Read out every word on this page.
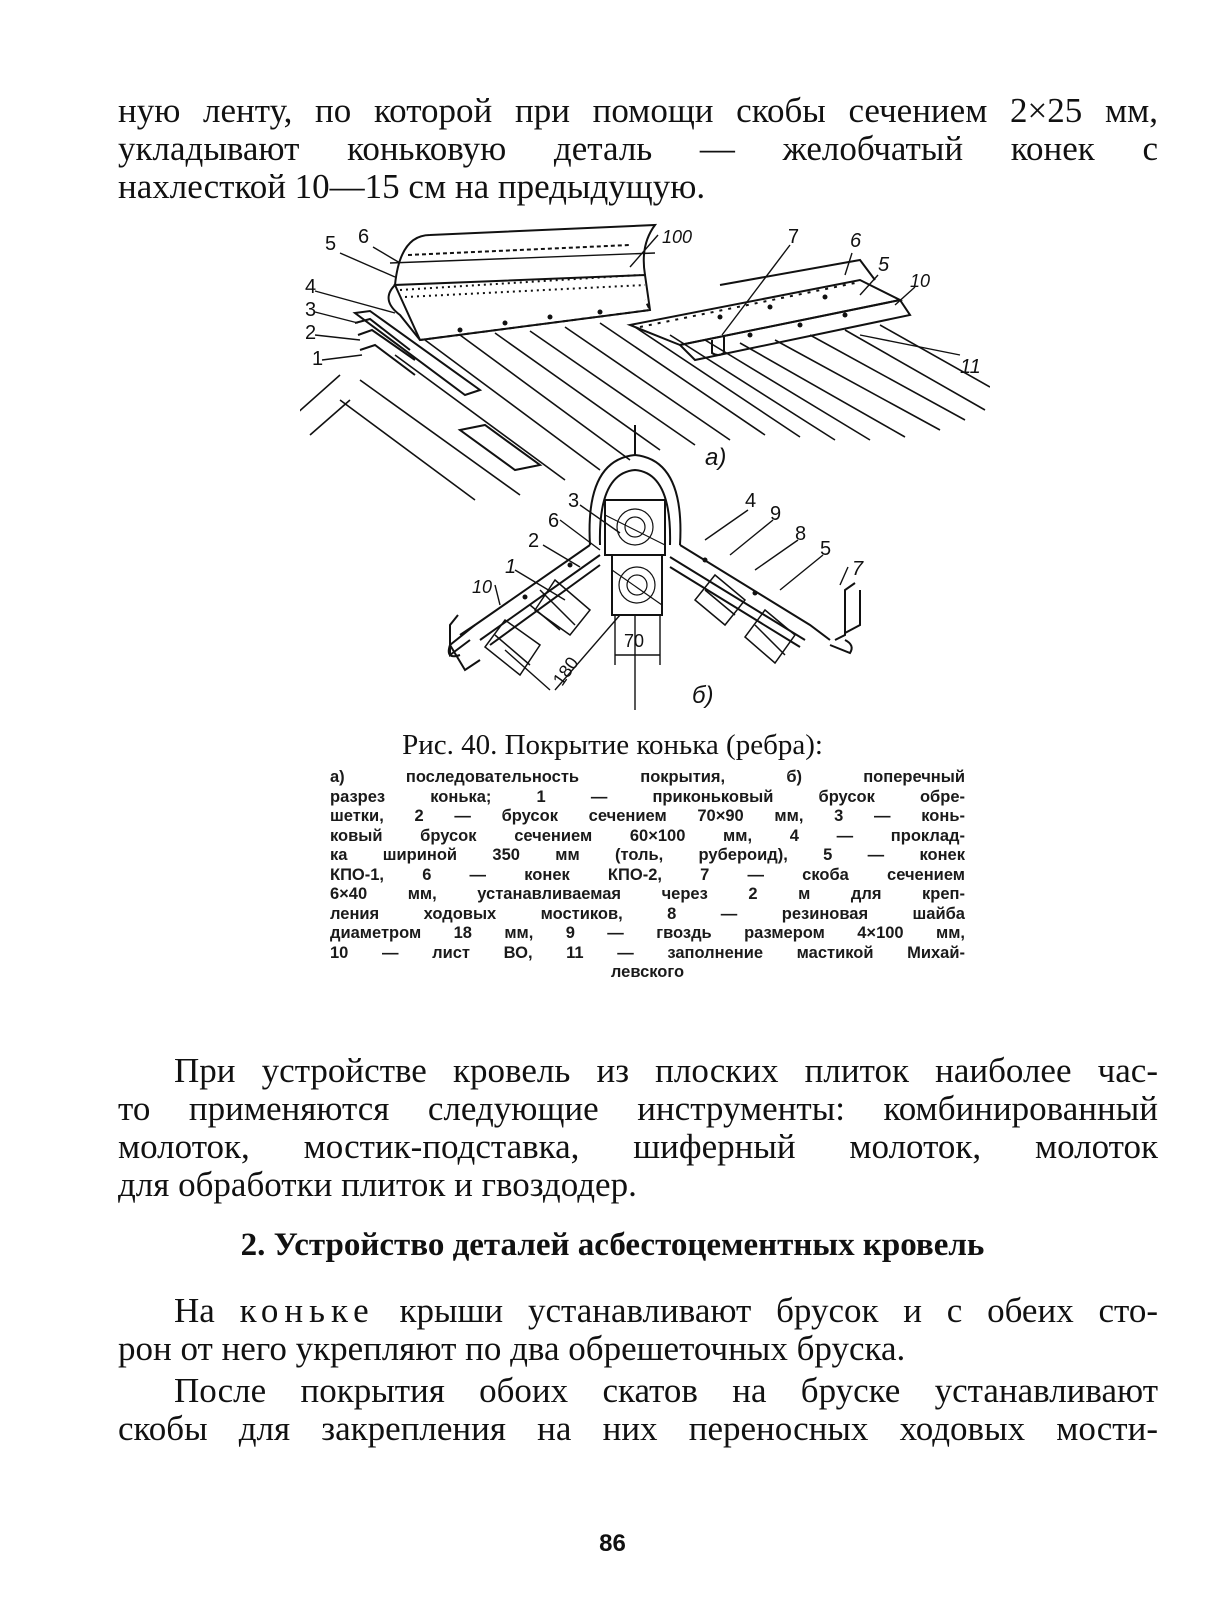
ную ленту, по которой при помощи скобы сечением 2×25 мм,
укладывают коньковую деталь — желобчатый конек с
нахлесткой 10—15 см на предыдущую.

5 6	100	7	6
5
10
4
3
2
1	11
а)
3
6
2
1
10
4
9
8
5
7
70
180
б)
Рис. 40. Покрытие конька (ребра):
а) последовательность покрытия, б) поперечный
разрез конька; 1 — приконьковый брусок обре-
шетки, 2 — брусок сечением 70×90 мм, 3 — конь-
ковый брусок сечением 60×100 мм, 4 — проклад-
ка шириной 350 мм (толь, рубероид), 5 — конек
КПО-1, 6 — конек КПО-2, 7 — скоба сечением
6×40 мм, устанавливаемая через 2 м для креп-
ления ходовых мостиков, 8 — резиновая шайба
диаметром 18 мм, 9 — гвоздь размером 4×100 мм,
10 — лист ВО, 11 — заполнение мастикой Михай-
левского

При устройстве кровель из плоских плиток наиболее час-
то применяются следующие инструменты: комбинированный
молоток, мостик-подставка, шиферный молоток, молоток
для обработки плиток и гвоздодер.

2. Устройство деталей асбестоцементных кровель

На коньке крыши устанавливают брусок и с обеих сто-
рон от него укрепляют по два обрешеточных бруска.

После покрытия обоих скатов на бруске устанавливают
скобы для закрепления на них переносных ходовых мости-

86
